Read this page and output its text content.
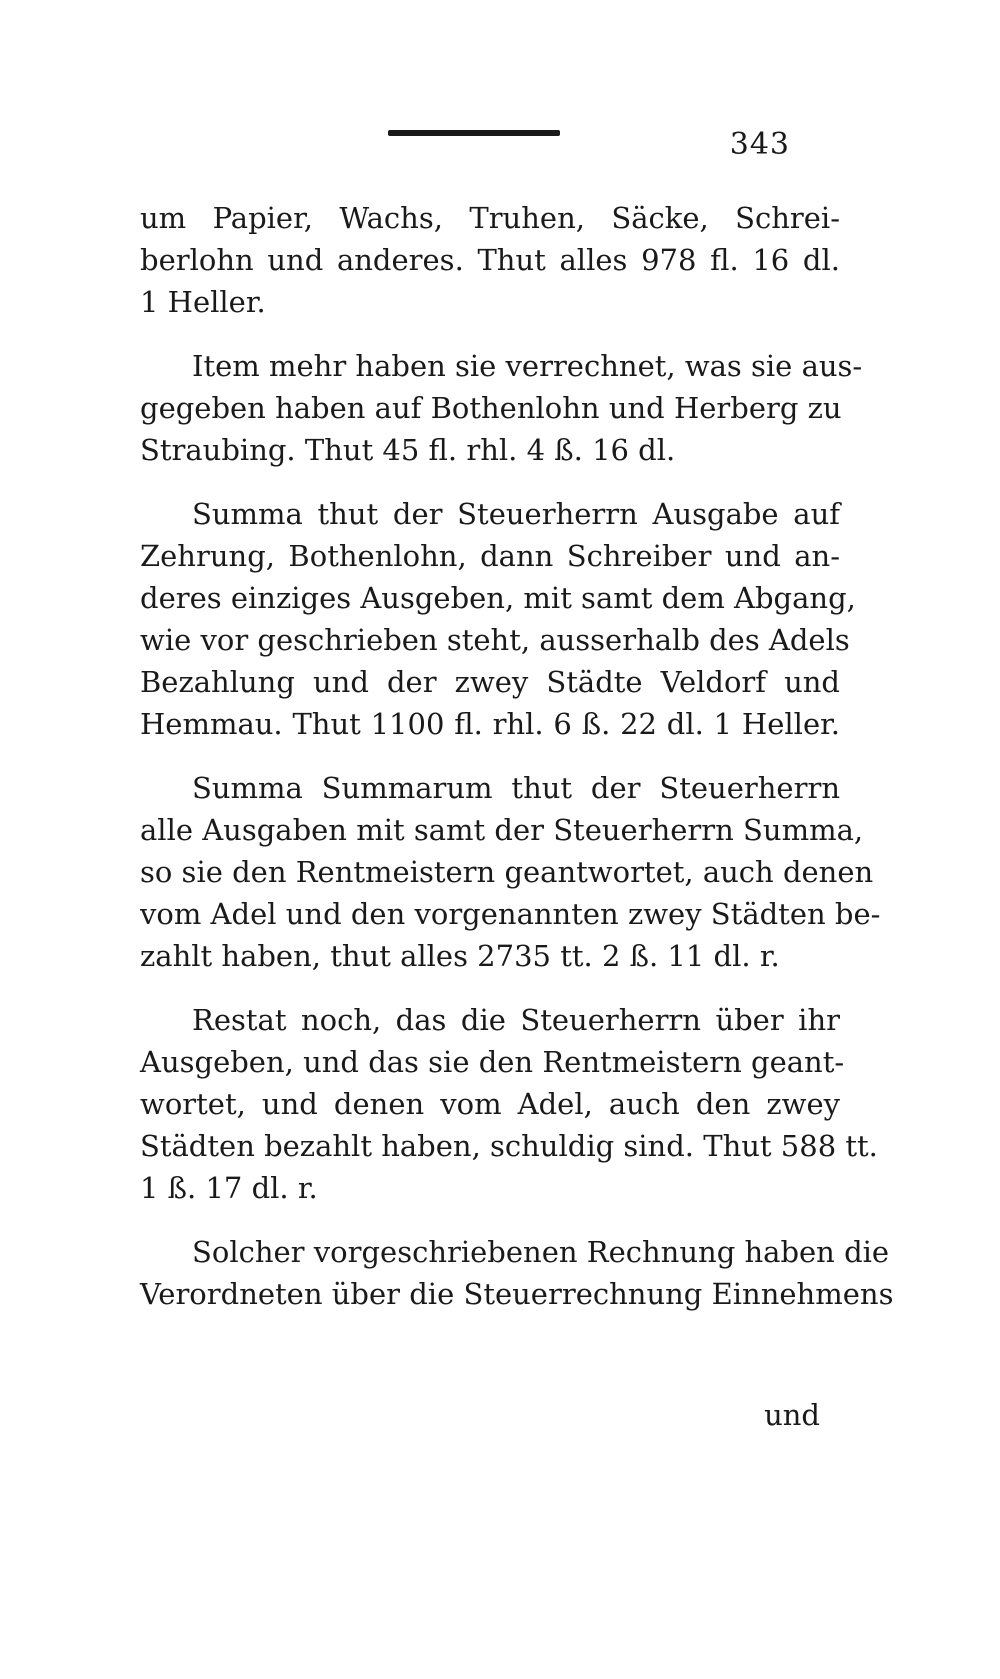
343
um Papier, Wachs, Truhen, Säcke, Schrei-
berlohn und anderes. Thut alles 978 fl. 16 dl.
1 Heller.
Item mehr haben sie verrechnet, was sie aus-
gegeben haben auf Bothenlohn und Herberg zu
Straubing. Thut 45 fl. rhl. 4 ß. 16 dl.
Summa thut der Steuerherrn Ausgabe auf
Zehrung, Bothenlohn, dann Schreiber und an-
deres einziges Ausgeben, mit samt dem Abgang,
wie vor geschrieben steht, ausserhalb des Adels
Bezahlung und der zwey Städte Veldorf und
Hemmau. Thut 1100 fl. rhl. 6 ß. 22 dl. 1 Heller.
Summa Summarum thut der Steuerherrn
alle Ausgaben mit samt der Steuerherrn Summa,
so sie den Rentmeistern geantwortet, auch denen
vom Adel und den vorgenannten zwey Städten be-
zahlt haben, thut alles 2735 tt. 2 ß. 11 dl. r.
Restat noch, das die Steuerherrn über ihr
Ausgeben, und das sie den Rentmeistern geant-
wortet, und denen vom Adel, auch den zwey
Städten bezahlt haben, schuldig sind. Thut 588 tt.
1 ß. 17 dl. r.
Solcher vorgeschriebenen Rechnung haben die
Verordneten über die Steuerrechnung Einnehmens
und
